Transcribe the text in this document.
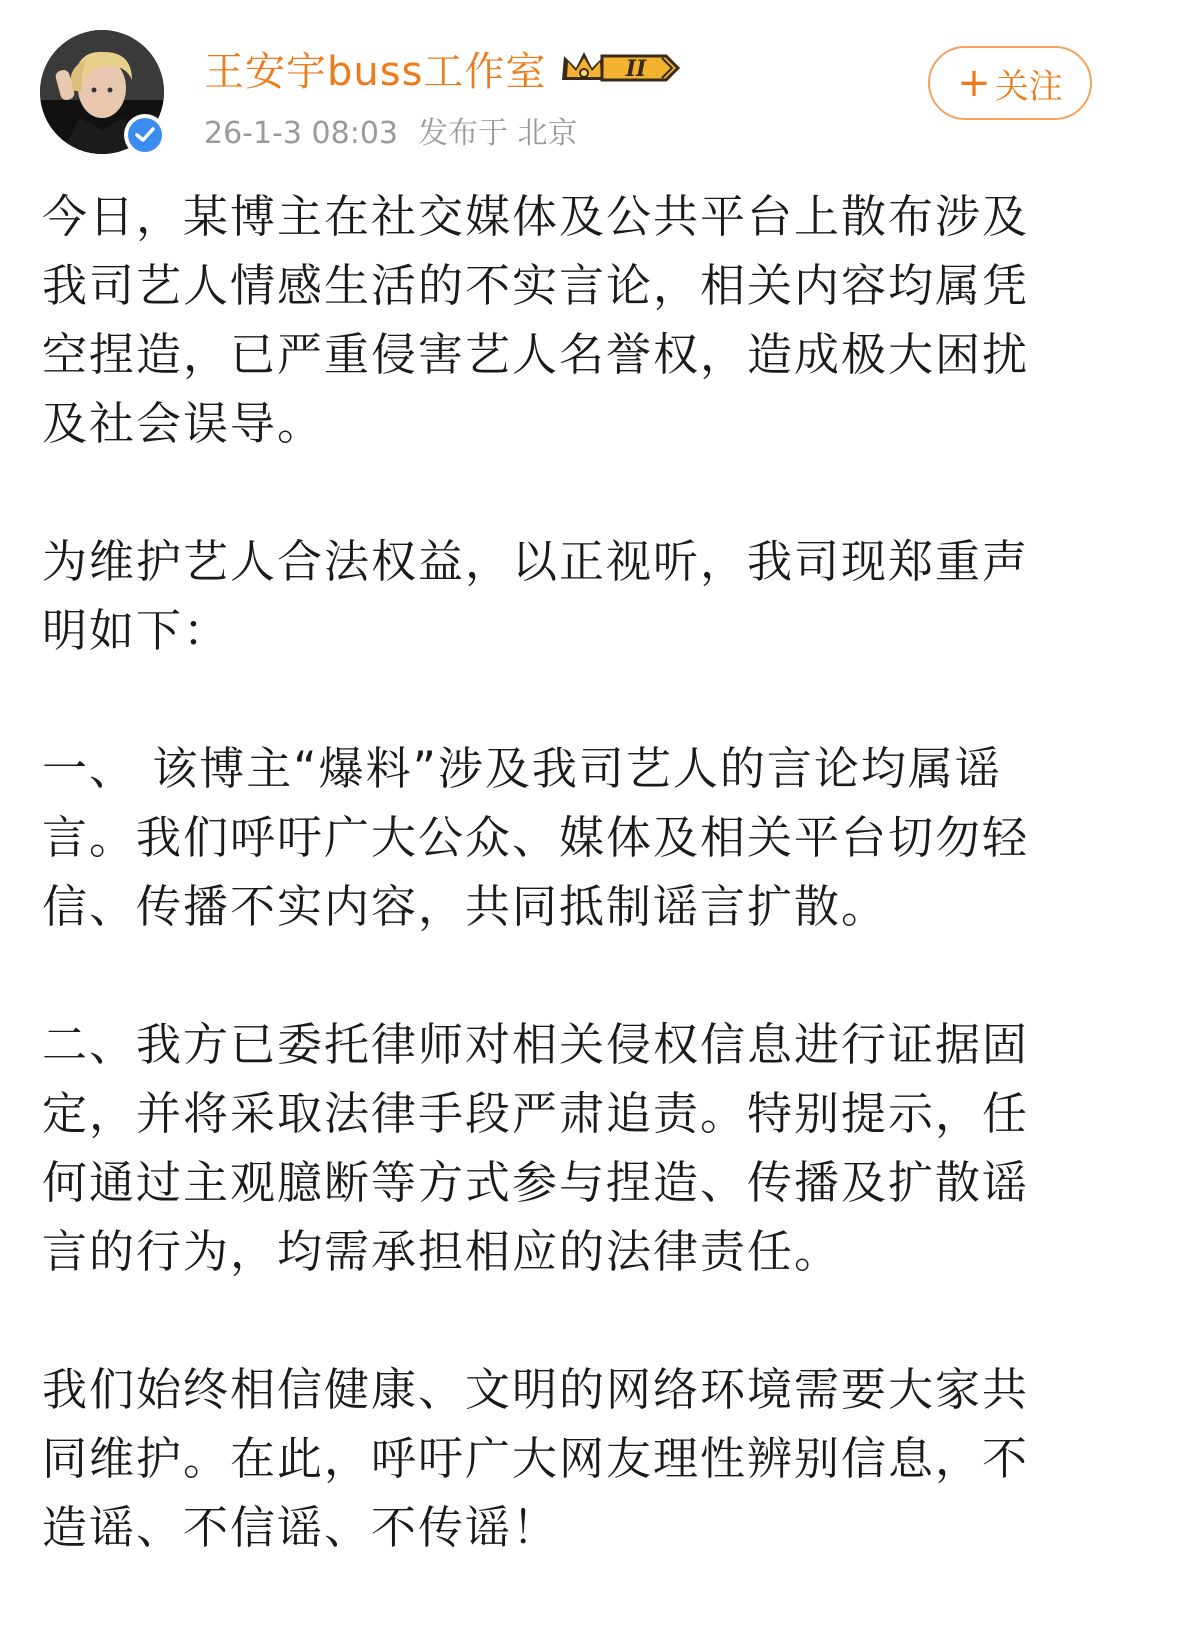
王安宇buss工作室	II
26-1-3 08:03 发布于 北京
+ 关注

今日，某博主在社交媒体及公共平台上散布涉及我司艺人情感生活的不实言论，相关内容均属凭空捏造，已严重侵害艺人名誉权，造成极大困扰及社会误导。

为维护艺人合法权益，以正视听，我司现郑重声明如下：

一、 该博主“爆料”涉及我司艺人的言论均属谣言。我们呼吁广大公众、媒体及相关平台切勿轻信、传播不实内容，共同抵制谣言扩散。

二、我方已委托律师对相关侵权信息进行证据固定，并将采取法律手段严肃追责。特别提示，任何通过主观臆断等方式参与捏造、传播及扩散谣言的行为，均需承担相应的法律责任。

我们始终相信健康、文明的网络环境需要大家共同维护。在此，呼吁广大网友理性辨别信息，不造谣、不信谣、不传谣！
